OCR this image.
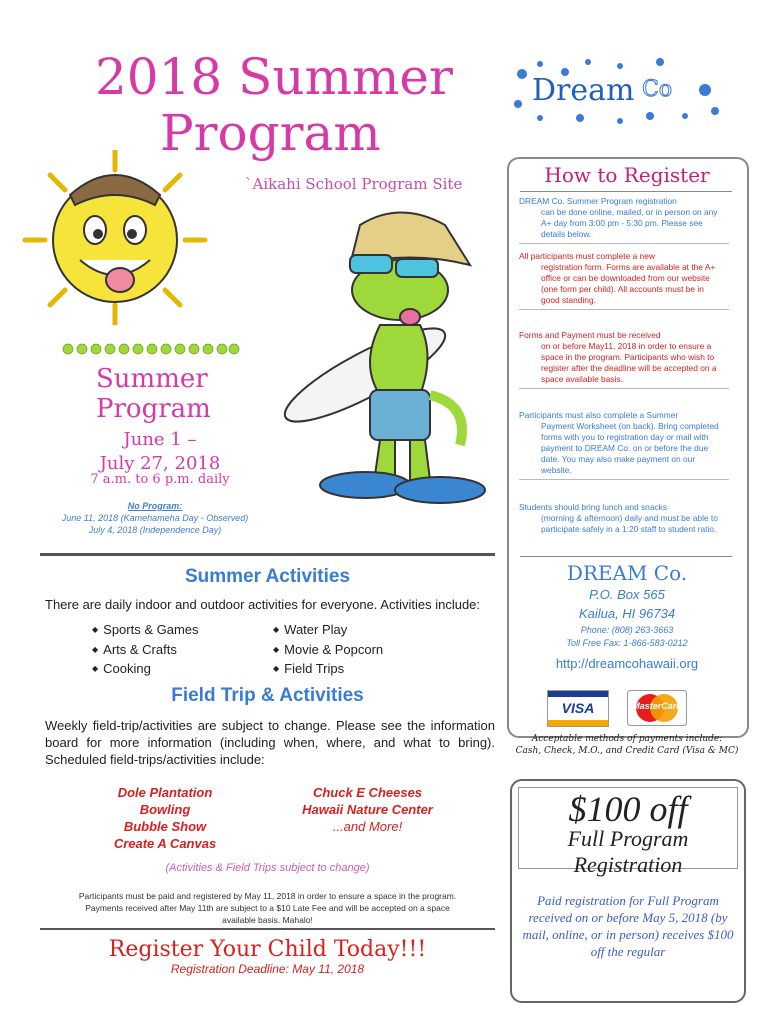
2018 Summer
Program
`Aikahi School Program Site
Dream Co
Summer
Program
June 1 –
July 27, 2018
7 a.m. to 6 p.m. daily
No Program:
June 11, 2018 (Kamehameha Day - Observed)
July 4, 2018 (Independence Day)
Summer Activities
There are daily indoor and outdoor activities for everyone. Activities include:
◆ Sports & Games
◆ Arts & Crafts
◆ Cooking
◆ Water Play
◆ Movie & Popcorn
◆ Field Trips
Field Trip & Activities
Weekly field-trip/activities are subject to change. Please see the information board for more information (including when, where, and what to bring). Scheduled field-trips/activities include:
Dole Plantation
Bowling
Bubble Show
Create A Canvas
Chuck E Cheeses
Hawaii Nature Center
...and More!
(Activities & Field Trips subject to change)
Participants must be paid and registered by May 11, 2018 in order to ensure a space in the program.
Payments received after May 11th are subject to a $10 Late Fee and will be accepted on a space
available basis. Mahalo!
Register Your Child Today!!!
Registration Deadline: May 11, 2018
How to Register
DREAM Co. Summer Program registration
can be done online, mailed, or in person on any A+ day from 3:00 pm - 5:30 pm. Please see details below.
All participants must complete a new
registration form. Forms are available at the A+ office or can be downloaded from our website (one form per child). All accounts must be in good standing.
Forms and Payment must be received
on or before May11, 2018 in order to ensure a space in the program. Participants who wish to register after the deadline will be accepted on a space available basis.
Participants must also complete a Summer
Payment Worksheet (on back). Bring completed forms with you to registration day or mail with payment to DREAM Co. on or before the due date. You may also make payment on our website.
Students should bring lunch and snacks
(morning & afternoon) daily and must be able to participate safely in a 1:20 staff to student ratio.
DREAM Co.
P.O. Box 565
Kailua, HI 96734
Phone: (808) 263-3663
Toll Free Fax: 1-866-583-0212
http://dreamcohawaii.org
VISA	MasterCard
Acceptable methods of payments include:
Cash, Check, M.O., and Credit Card (Visa & MC)
$100 off
Full Program
Registration
Paid registration for Full Program received on or before May 5, 2018 (by mail, online, or in person) receives $100 off the regular
